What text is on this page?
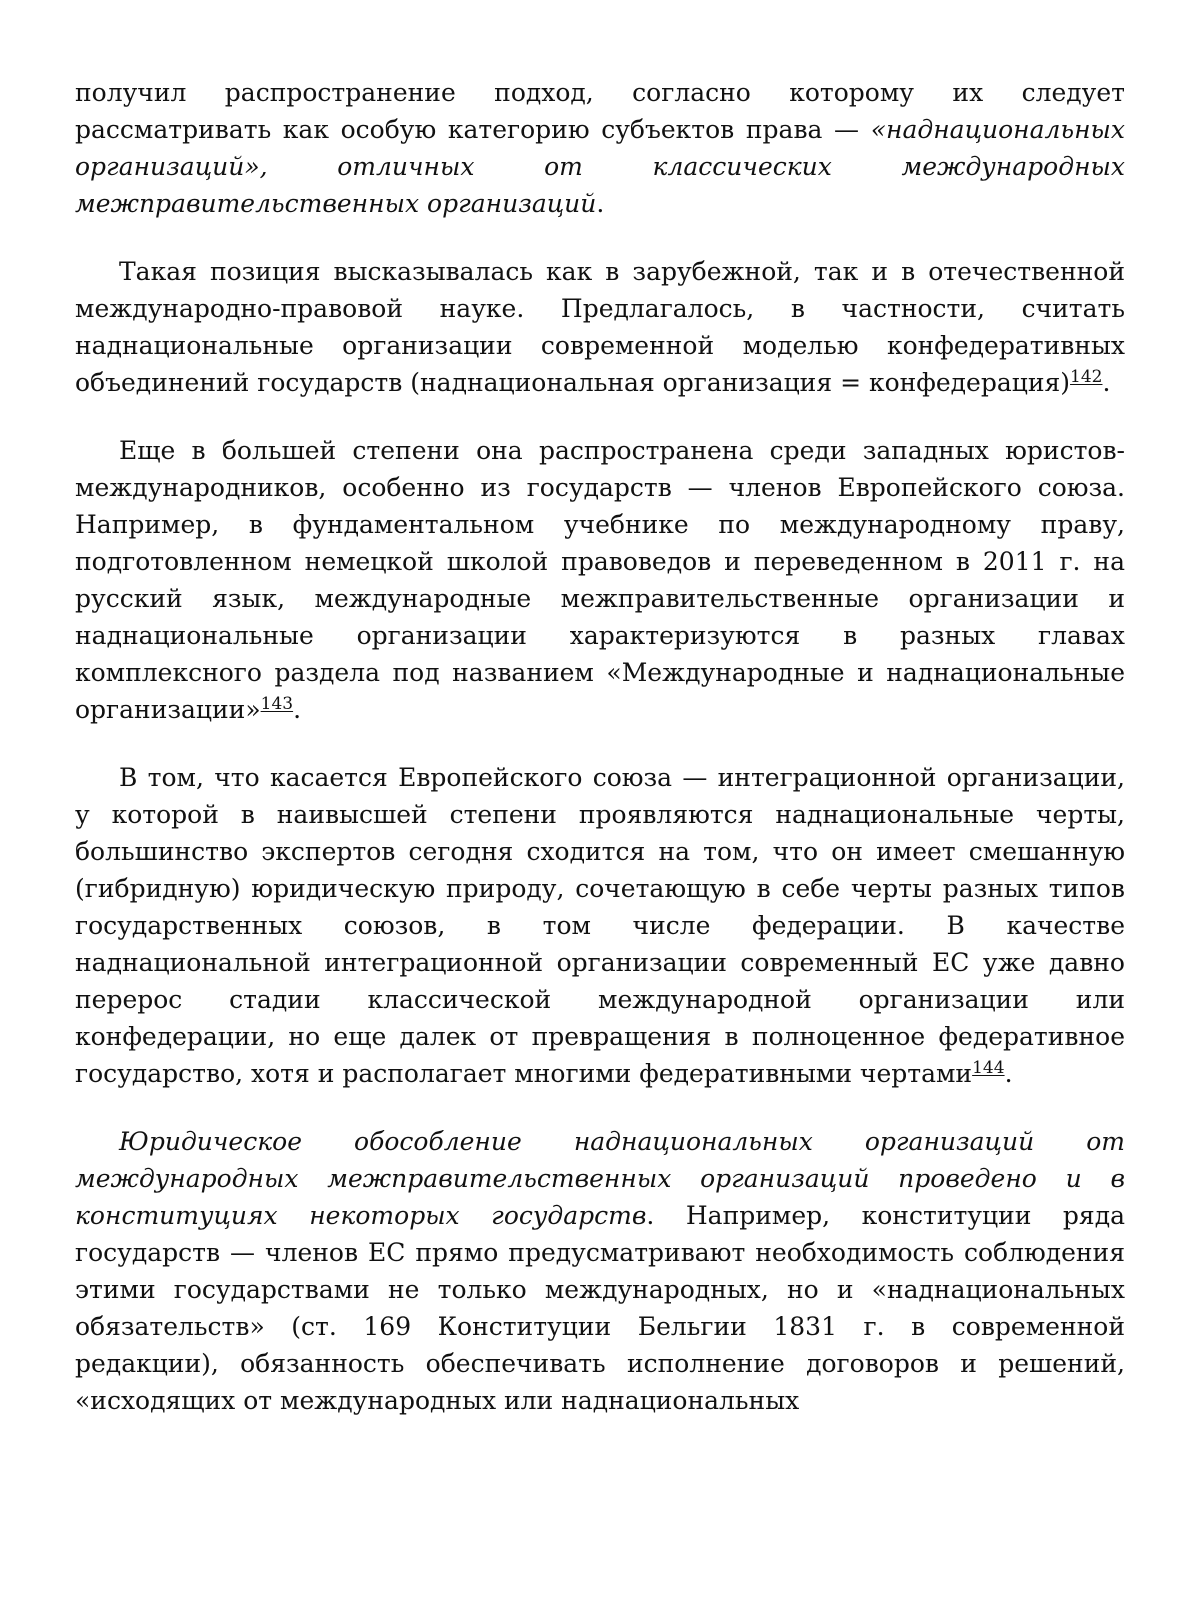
получил распространение подход, согласно которому их следует рассматривать как особую категорию субъектов права — «наднациональных организаций», отличных от классических международных межправительственных организаций.

Такая позиция высказывалась как в зарубежной, так и в отечественной международно-правовой науке. Предлагалось, в частности, считать наднациональные организации современной моделью конфедеративных объединений государств (наднациональная организация = конфедерация)$^{142}$.

Еще в большей степени она распространена среди западных юристов-международников, особенно из государств — членов Европейского союза. Например, в фундаментальном учебнике по международному праву, подготовленном немецкой школой правоведов и переведенном в 2011 г. на русский язык, международные межправительственные организации и наднациональные организации характеризуются в разных главах комплексного раздела под названием «Международные и наднациональные организации»$^{143}$.

В том, что касается Европейского союза — интеграционной организации, у которой в наивысшей степени проявляются наднациональные черты, большинство экспертов сегодня сходится на том, что он имеет смешанную (гибридную) юридическую природу, сочетающую в себе черты разных типов государственных союзов, в том числе федерации. В качестве наднациональной интеграционной организации современный ЕС уже давно перерос стадии классической международной организации или конфедерации, но еще далек от превращения в полноценное федеративное государство, хотя и располагает многими федеративными чертами$^{144}$.

Юридическое обособление наднациональных организаций от международных межправительственных организаций проведено и в конституциях некоторых государств. Например, конституции ряда государств — членов ЕС прямо предусматривают необходимость соблюдения этими государствами не только международных, но и «наднациональных обязательств» (ст. 169 Конституции Бельгии 1831 г. в современной редакции), обязанность обеспечивать исполнение договоров и решений, «исходящих от международных или наднациональных
